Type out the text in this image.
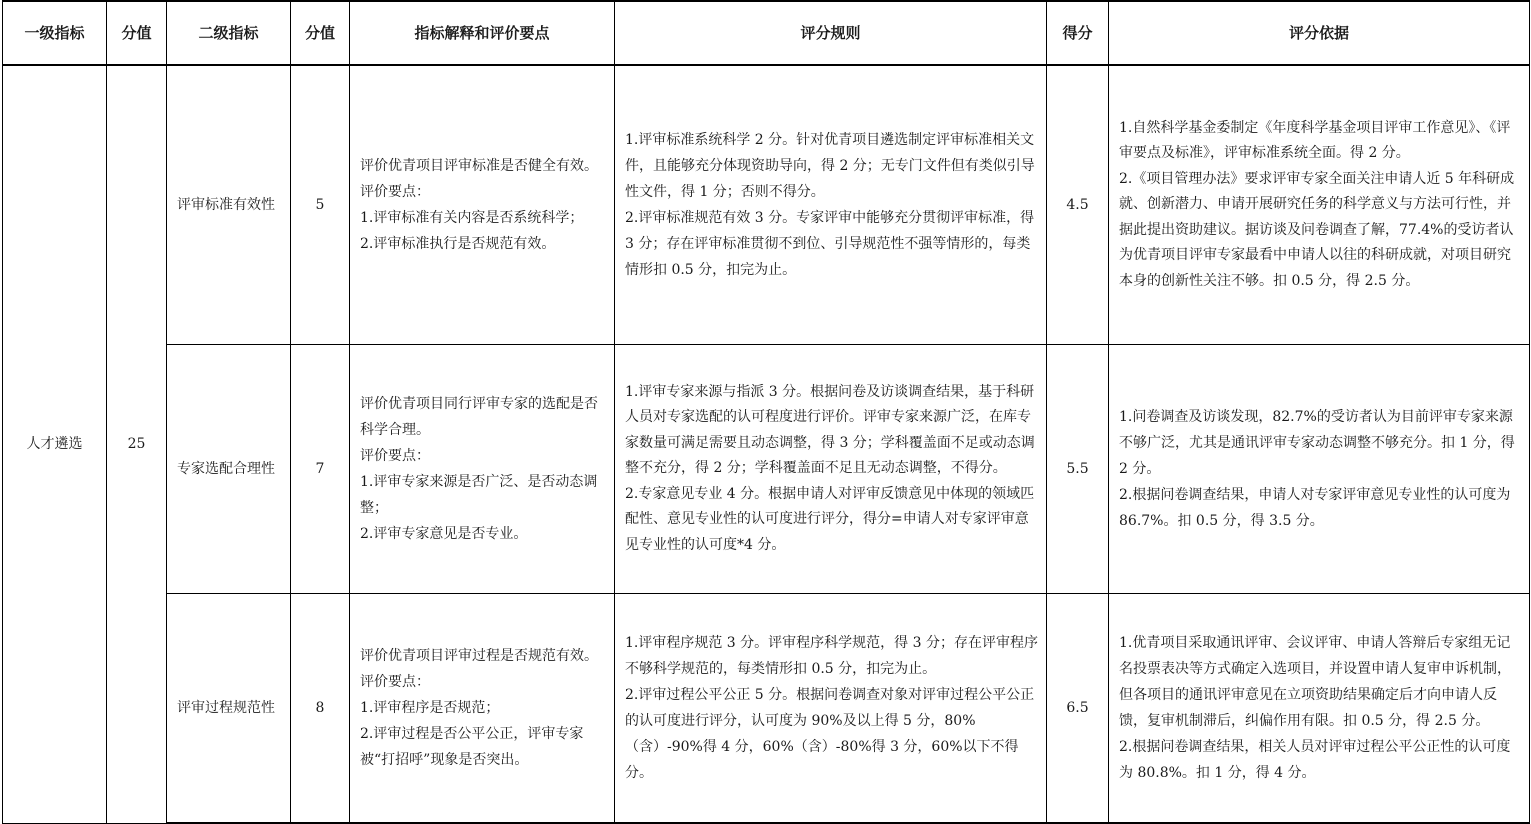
一级指标	分值	二级指标	分值	指标解释和评价要点	评分规则	得分	评分依据
人才遴选	25	评审标准有效性	5	评价优青项目评审标准是否健全有效。
评价要点：
1.评审标准有关内容是否系统科学；
2.评审标准执行是否规范有效。	1.评审标准系统科学 2 分。针对优青项目遴选制定评审标准相关文件，且能够充分体现资助导向，得 2 分；无专门文件但有类似引导性文件，得 1 分；否则不得分。
2.评审标准规范有效 3 分。专家评审中能够充分贯彻评审标准，得 3 分；存在评审标准贯彻不到位、引导规范性不强等情形的，每类情形扣 0.5 分，扣完为止。	4.5	1.自然科学基金委制定《年度科学基金项目评审工作意见》、《评审要点及标准》，评审标准系统全面。得 2 分。
2.《项目管理办法》要求评审专家全面关注申请人近 5 年科研成就、创新潜力、申请开展研究任务的科学意义与方法可行性，并据此提出资助建议。据访谈及问卷调查了解，77.4%的受访者认为优青项目评审专家最看中申请人以往的科研成就，对项目研究本身的创新性关注不够。扣 0.5 分，得 2.5 分。

		专家选配合理性	7	评价优青项目同行评审专家的选配是否科学合理。
评价要点：
1.评审专家来源是否广泛、是否动态调整；
2.评审专家意见是否专业。	1.评审专家来源与指派 3 分。根据问卷及访谈调查结果，基于科研人员对专家选配的认可程度进行评价。评审专家来源广泛，在库专家数量可满足需要且动态调整，得 3 分；学科覆盖面不足或动态调整不充分，得 2 分；学科覆盖面不足且无动态调整，不得分。
2.专家意见专业 4 分。根据申请人对评审反馈意见中体现的领域匹配性、意见专业性的认可度进行评分，得分=申请人对专家评审意见专业性的认可度*4 分。	5.5	1.问卷调查及访谈发现，82.7%的受访者认为目前评审专家来源不够广泛，尤其是通讯评审专家动态调整不够充分。扣 1 分，得 2 分。
2.根据问卷调查结果，申请人对专家评审意见专业性的认可度为 86.7%。扣 0.5 分，得 3.5 分。

		评审过程规范性	8	评价优青项目评审过程是否规范有效。
评价要点：
1.评审程序是否规范；
2.评审过程是否公平公正，评审专家被“打招呼”现象是否突出。	1.评审程序规范 3 分。评审程序科学规范，得 3 分；存在评审程序不够科学规范的，每类情形扣 0.5 分，扣完为止。
2.评审过程公平公正 5 分。根据问卷调查对象对评审过程公平公正的认可度进行评分，认可度为 90%及以上得 5 分，80%（含）-90%得 4 分，60%（含）-80%得 3 分，60%以下不得分。	6.5	1.优青项目采取通讯评审、会议评审、申请人答辩后专家组无记名投票表决等方式确定入选项目，并设置申请人复审申诉机制，但各项目的通讯评审意见在立项资助结果确定后才向申请人反馈，复审机制滞后，纠偏作用有限。扣 0.5 分，得 2.5 分。
2.根据问卷调查结果，相关人员对评审过程公平公正性的认可度为 80.8%。扣 1 分，得 4 分。
